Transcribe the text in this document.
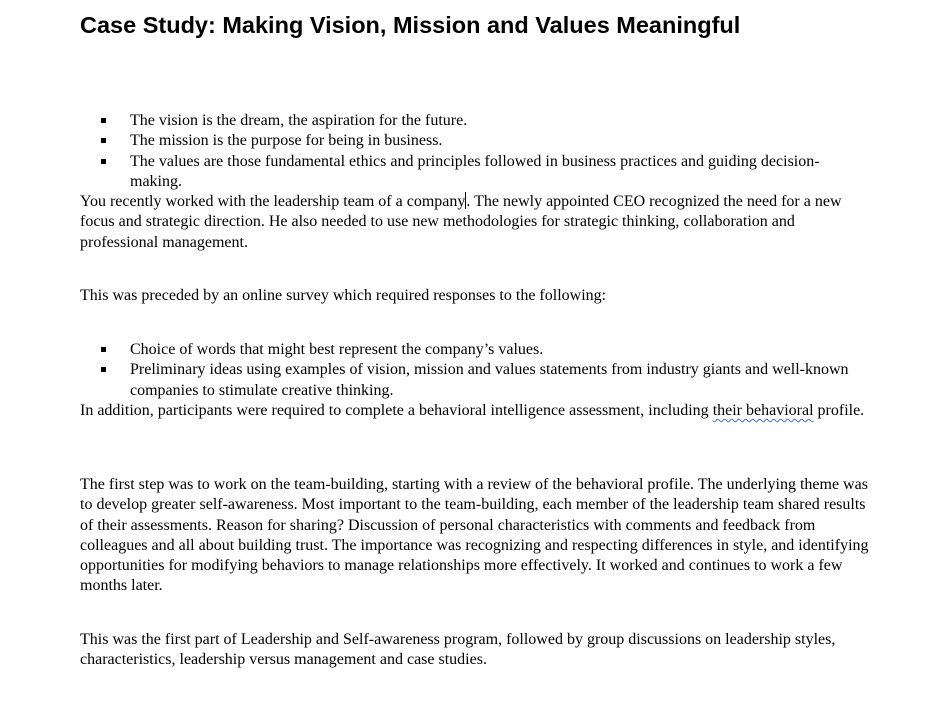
Case Study: Making Vision, Mission and Values Meaningful
The vision is the dream, the aspiration for the future.
The mission is the purpose for being in business.
The values are those fundamental ethics and principles followed in business practices and guiding decision-making.

You recently worked with the leadership team of a company. The newly appointed CEO recognized the need for a new focus and strategic direction. He also needed to use new methodologies for strategic thinking, collaboration and professional management.

This was preceded by an online survey which required responses to the following:

Choice of words that might best represent the company’s values.
Preliminary ideas using examples of vision, mission and values statements from industry giants and well-known companies to stimulate creative thinking.

In addition, participants were required to complete a behavioral intelligence assessment, including their behavioral profile.

The first step was to work on the team-building, starting with a review of the behavioral profile. The underlying theme was to develop greater self-awareness. Most important to the team-building, each member of the leadership team shared results of their assessments. Reason for sharing? Discussion of personal characteristics with comments and feedback from colleagues and all about building trust. The importance was recognizing and respecting differences in style, and identifying opportunities for modifying behaviors to manage relationships more effectively. It worked and continues to work a few months later.

This was the first part of Leadership and Self-awareness program, followed by group discussions on leadership styles, characteristics, leadership versus management and case studies.
